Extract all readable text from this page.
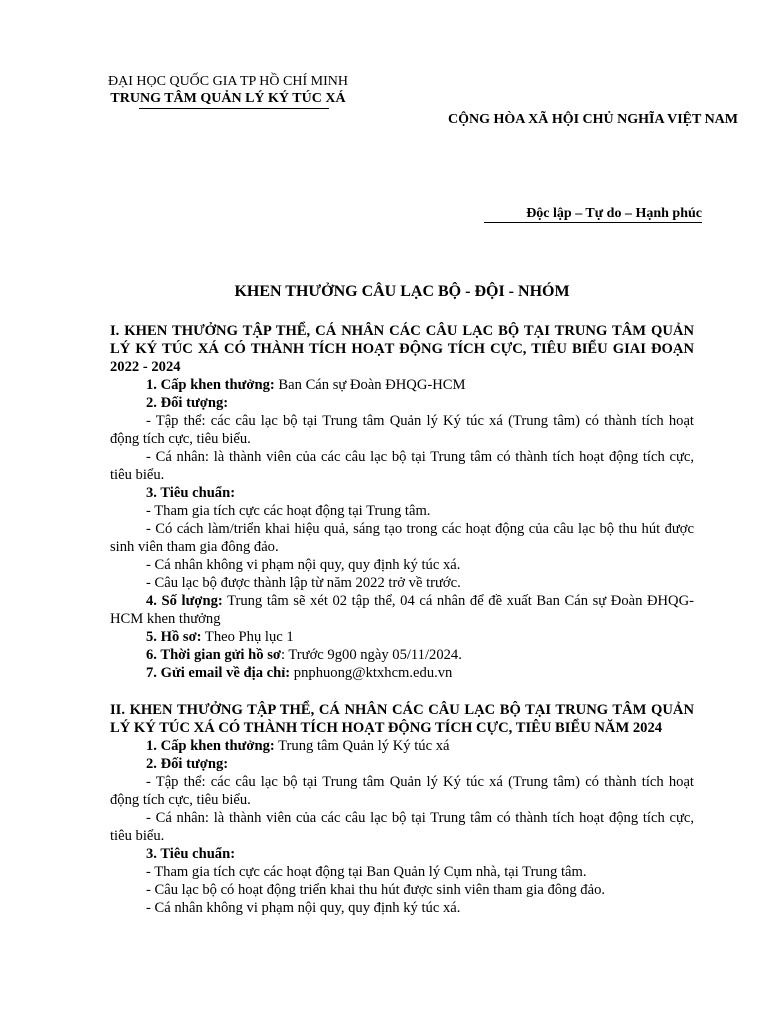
ĐẠI HỌC QUỐC GIA TP HỒ CHÍ MINH
TRUNG TÂM QUẢN LÝ KÝ TÚC XÁ
CỘNG HÒA XÃ HỘI CHỦ NGHĨA VIỆT NAM
Độc lập – Tự do – Hạnh phúc
KHEN THƯỞNG CÂU LẠC BỘ - ĐỘI - NHÓM
I. KHEN THƯỞNG TẬP THỂ, CÁ NHÂN CÁC CÂU LẠC BỘ TẠI TRUNG TÂM QUẢN LÝ KÝ TÚC XÁ CÓ THÀNH TÍCH HOẠT ĐỘNG TÍCH CỰC, TIÊU BIỂU GIAI ĐOẠN 2022 - 2024

1. Cấp khen thưởng: Ban Cán sự Đoàn ĐHQG-HCM

2. Đối tượng:

- Tập thể: các câu lạc bộ tại Trung tâm Quản lý Ký túc xá (Trung tâm) có thành tích hoạt động tích cực, tiêu biểu.

- Cá nhân: là thành viên của các câu lạc bộ tại Trung tâm có thành tích hoạt động tích cực, tiêu biểu.

3. Tiêu chuẩn:

- Tham gia tích cực các hoạt động tại Trung tâm.

- Có cách làm/triển khai hiệu quả, sáng tạo trong các hoạt động của câu lạc bộ thu hút được sinh viên tham gia đông đảo.

- Cá nhân không vi phạm nội quy, quy định ký túc xá.

- Câu lạc bộ được thành lập từ năm 2022 trở về trước.

4. Số lượng: Trung tâm sẽ xét 02 tập thể, 04 cá nhân để đề xuất Ban Cán sự Đoàn ĐHQG-HCM khen thưởng

5. Hồ sơ: Theo Phụ lục 1

6. Thời gian gửi hồ sơ: Trước 9g00 ngày 05/11/2024.

7. Gửi email về địa chỉ: pnphuong@ktxhcm.edu.vn

II. KHEN THƯỞNG TẬP THỂ, CÁ NHÂN CÁC CÂU LẠC BỘ TẠI TRUNG TÂM QUẢN LÝ KÝ TÚC XÁ CÓ THÀNH TÍCH HOẠT ĐỘNG TÍCH CỰC, TIÊU BIỂU NĂM 2024

1. Cấp khen thưởng: Trung tâm Quản lý Ký túc xá

2. Đối tượng:

- Tập thể: các câu lạc bộ tại Trung tâm Quản lý Ký túc xá (Trung tâm) có thành tích hoạt động tích cực, tiêu biểu.

- Cá nhân: là thành viên của các câu lạc bộ tại Trung tâm có thành tích hoạt động tích cực, tiêu biểu.

3. Tiêu chuẩn:

- Tham gia tích cực các hoạt động tại Ban Quản lý Cụm nhà, tại Trung tâm.

- Câu lạc bộ có hoạt động triển khai thu hút được sinh viên tham gia đông đảo.

- Cá nhân không vi phạm nội quy, quy định ký túc xá.
